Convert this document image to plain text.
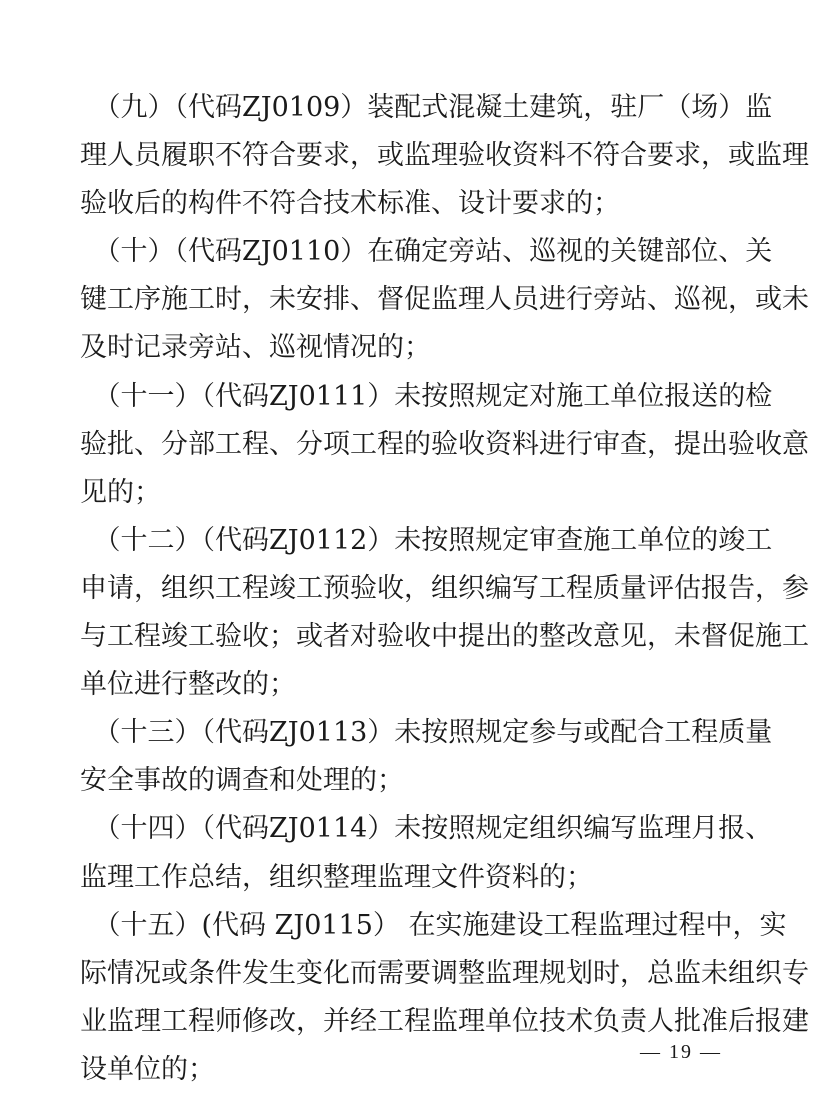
　（九）（代码ZJ0109）装配式混凝土建筑，驻厂（场）监
理人员履职不符合要求，或监理验收资料不符合要求，或监理
验收后的构件不符合技术标准、设计要求的；
　（十）（代码ZJ0110）在确定旁站、巡视的关键部位、关
键工序施工时，未安排、督促监理人员进行旁站、巡视，或未
及时记录旁站、巡视情况的；
　（十一）（代码ZJ0111）未按照规定对施工单位报送的检
验批、分部工程、分项工程的验收资料进行审查，提出验收意
见的；
　（十二）（代码ZJ0112）未按照规定审查施工单位的竣工
申请，组织工程竣工预验收，组织编写工程质量评估报告，参
与工程竣工验收；或者对验收中提出的整改意见，未督促施工
单位进行整改的；
　（十三）（代码ZJ0113）未按照规定参与或配合工程质量
安全事故的调查和处理的；
　（十四）（代码ZJ0114）未按照规定组织编写监理月报、
监理工作总结，组织整理监理文件资料的；
　（十五）(代码 ZJ0115） 在实施建设工程监理过程中，实
际情况或条件发生变化而需要调整监理规划时，总监未组织专
业监理工程师修改，并经工程监理单位技术负责人批准后报建
设单位的；
— 19 —
